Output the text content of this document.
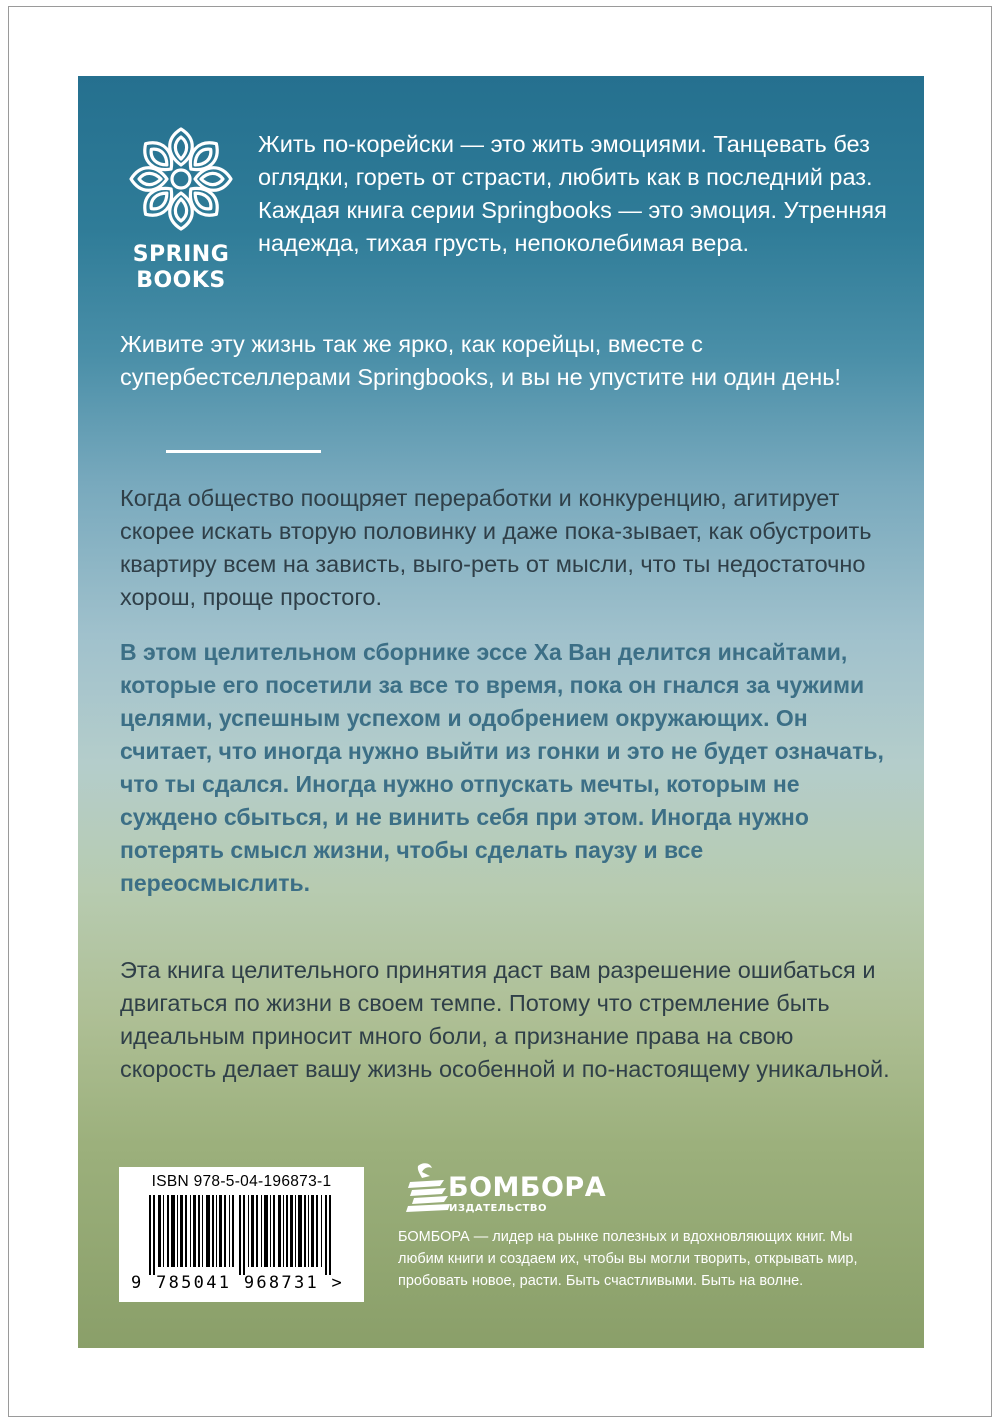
SPRING
BOOKS

Жить по-корейски — это жить эмоциями. Танцевать без оглядки, гореть от страсти, любить как в последний раз. Каждая книга серии Springbooks — это эмоция. Утренняя надежда, тихая грусть, непоколебимая вера.

Живите эту жизнь так же ярко, как корейцы, вместе с супербестселлерами Springbooks, и вы не упустите ни один день!

Когда общество поощряет переработки и конкуренцию, агитирует скорее искать вторую половинку и даже пока-зывает, как обустроить квартиру всем на зависть, выго-реть от мысли, что ты недостаточно хорош, проще простого.

В этом целительном сборнике эссе Ха Ван делится инсайтами, которые его посетили за все то время, пока он гнался за чужими целями, успешным успехом и одобрением окружающих. Он считает, что иногда нужно выйти из гонки и это не будет означать, что ты сдался. Иногда нужно отпускать мечты, которым не суждено сбыться, и не винить себя при этом. Иногда нужно потерять смысл жизни, чтобы сделать паузу и все переосмыслить.

Эта книга целительного принятия даст вам разрешение ошибаться и двигаться по жизни в своем темпе. Потому что стремление быть идеальным приносит много боли, а признание права на свою скорость делает вашу жизнь особенной и по-настоящему уникальной.

ISBN 978-5-04-196873-1
9 785041 968731 >
БОМБОРА
ИЗДАТЕЛЬСТВО

БОМБОРА — лидер на рынке полезных и вдохновляющих книг. Мы любим книги и создаем их, чтобы вы могли творить, открывать мир, пробовать новое, расти. Быть счастливыми. Быть на волне.
